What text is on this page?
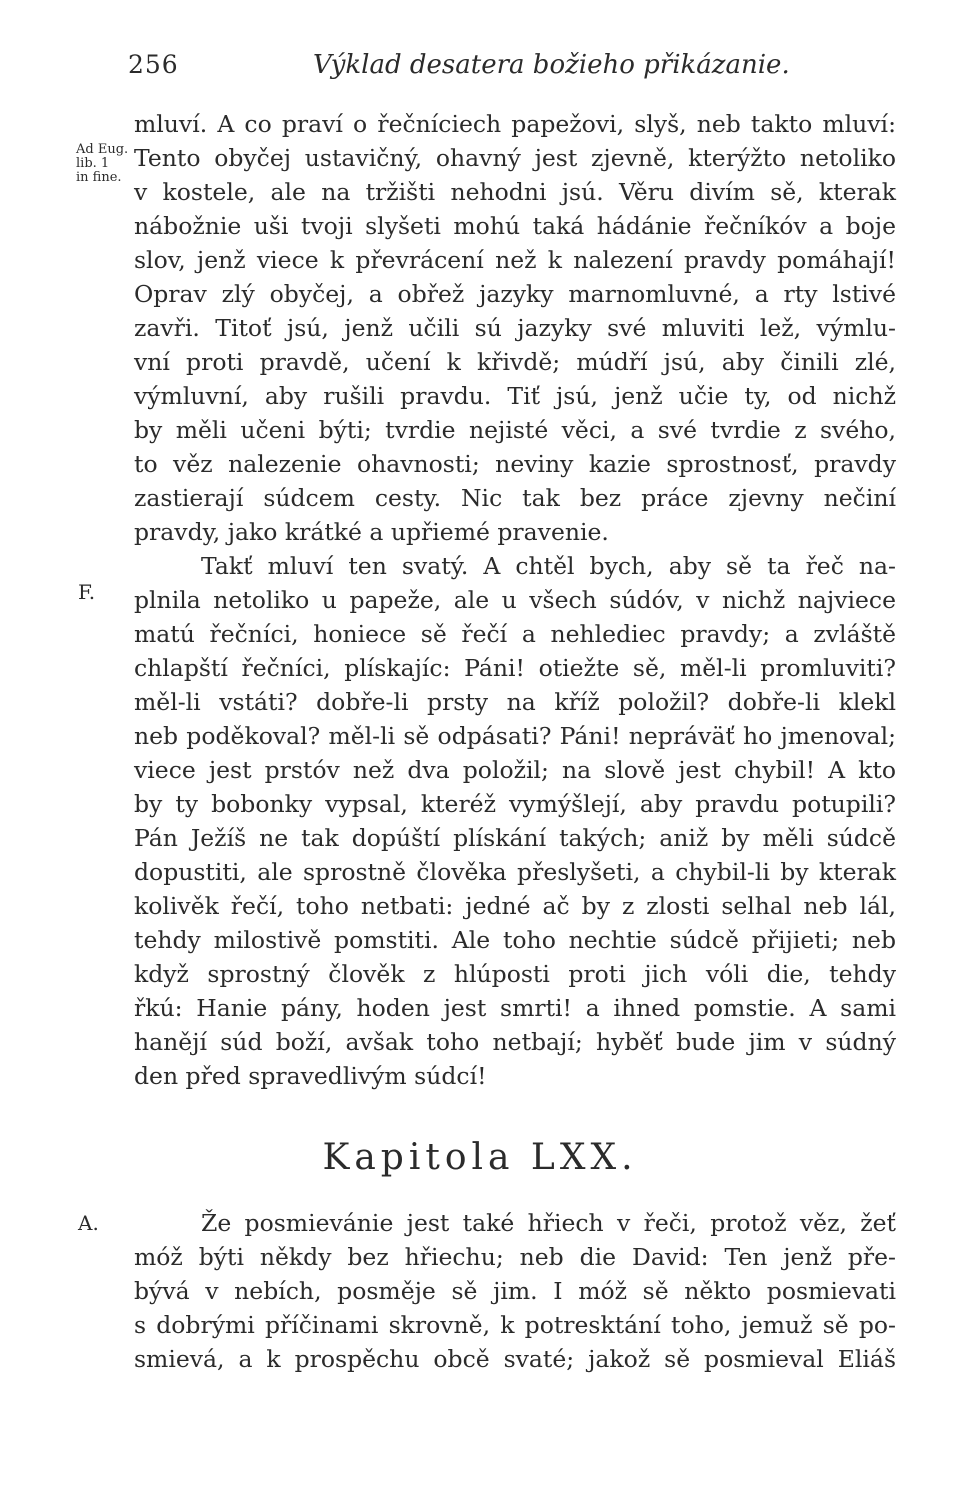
256	Výklad desatera božieho přikázanie.
Ad Eug.
lib. 1
in fine.
F.
A.
mluví. A co praví o řečníciech papežovi, slyš, neb takto mluví:
Tento obyčej ustavičný, ohavný jest zjevně, kterýžto netoliko
v kostele, ale na tržišti nehodni jsú. Věru divím sě, kterak
nábožnie uši tvoji slyšeti mohú taká hádánie řečníkóv a boje
slov, jenž viece k převrácení než k nalezení pravdy pomáhají!
Oprav zlý obyčej, a obřež jazyky marnomluvné, a rty lstivé
zavři. Titoť jsú, jenž učili sú jazyky své mluviti lež, výmlu-
vní proti pravdě, učení k křivdě; múdří jsú, aby činili zlé,
výmluvní, aby rušili pravdu. Tiť jsú, jenž učie ty, od nichž
by měli učeni býti; tvrdie nejisté věci, a své tvrdie z svého,
to věz nalezenie ohavnosti; neviny kazie sprostnosť, pravdy
zastierají súdcem cesty. Nic tak bez práce zjevny nečiní
pravdy, jako krátké a upřiemé pravenie.
Takť mluví ten svatý. A chtěl bych, aby sě ta řeč na-
plnila netoliko u papeže, ale u všech súdóv, v nichž najviece
matú řečníci, honiece sě řečí a nehlediec pravdy; a zvláště
chlapští řečníci, plískajíc: Páni! otiežte sě, měl-li promluviti?
měl-li vstáti? dobře-li prsty na kříž položil? dobře-li klekl
neb poděkoval? měl-li sě odpásati? Páni! nepráväť ho jmenoval;
viece jest prstóv než dva položil; na slově jest chybil! A kto
by ty bobonky vypsal, kteréž vymýšlejí, aby pravdu potupili?
Pán Ježíš ne tak dopúští plískání takých; aniž by měli súdcě
dopustiti, ale sprostně člověka přeslyšeti, a chybil-li by kterak
kolivěk řečí, toho netbati: jedné ač by z zlosti selhal neb lál,
tehdy milostivě pomstiti. Ale toho nechtie súdcě přijieti; neb
když sprostný člověk z hlúposti proti jich vóli die, tehdy
řkú: Hanie pány, hoden jest smrti! a ihned pomstie. A sami
hanějí súd boží, avšak toho netbají; hyběť bude jim v súdný
den před spravedlivým súdcí!
Kapitola LXX.
Že posmievánie jest také hřiech v řeči, protož věz, žeť
móž býti někdy bez hřiechu; neb die David: Ten jenž pře-
bývá v nebích, posměje sě jim. I móž sě někto posmievati
s dobrými příčinami skrovně, k potresktání toho, jemuž sě po-
smievá, a k prospěchu obcě svaté; jakož sě posmieval Eliáš
